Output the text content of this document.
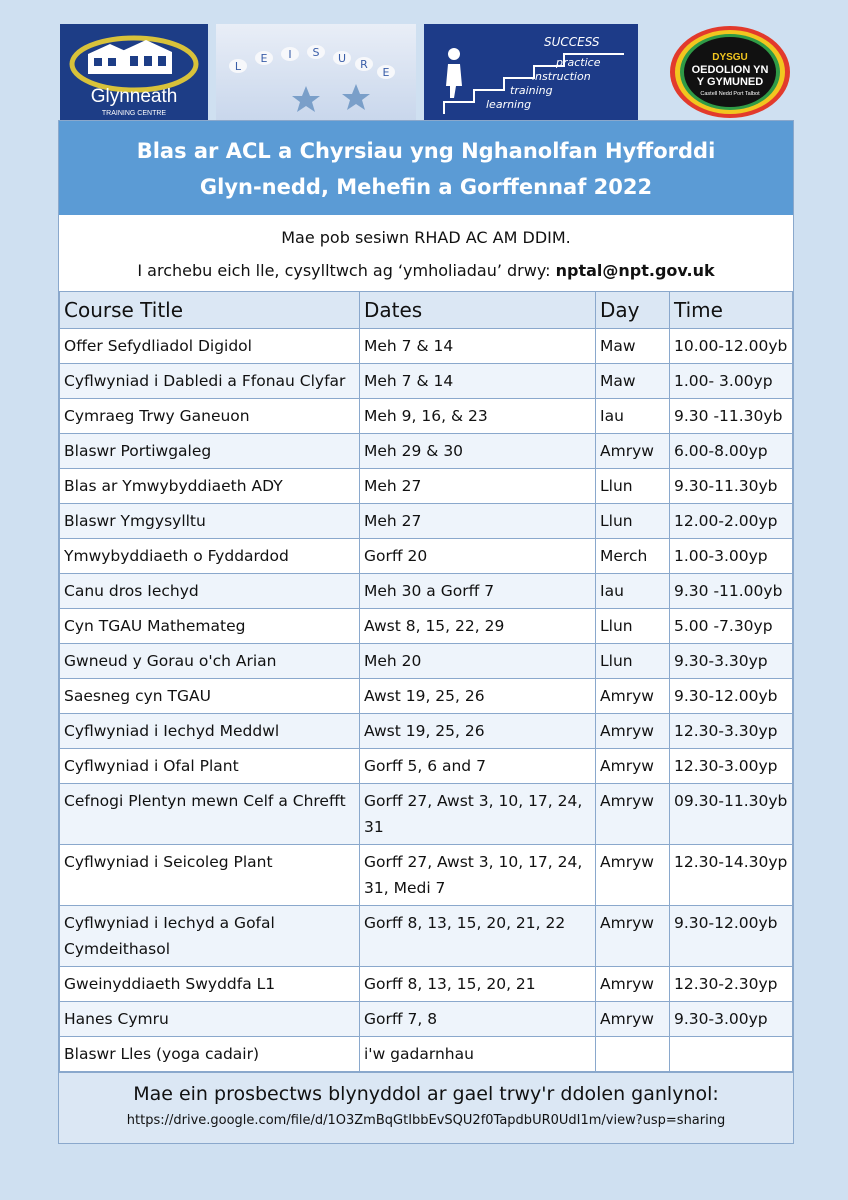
Glynneath
TRAINING CENTRE
L
E I S U R
E
SUCCESS
practice
instruction
training
learning
DYSGU
OEDOLION YN
Y GYMUNED
Castell Nedd Port Talbot
Blas ar ACL a Chyrsiau yng Nghanolfan Hyfforddi
Glyn-nedd, Mehefin a Gorffennaf 2022
Mae pob sesiwn RHAD AC AM DDIM.
I archebu eich lle, cysylltwch ag ‘ymholiadau’ drwy: nptal@npt.gov.uk
Course Title	Dates	Day	Time
Offer Sefydliadol Digidol	Meh 7 & 14	Maw	10.00-12.00yb
Cyflwyniad i Dabledi a Ffonau Clyfar	Meh 7 & 14	Maw	1.00- 3.00yp
Cymraeg Trwy Ganeuon	Meh 9, 16, & 23	Iau	9.30 -11.30yb
Blaswr Portiwgaleg	Meh 29 & 30	Amryw	6.00-8.00yp
Blas ar Ymwybyddiaeth ADY	Meh 27	Llun	9.30-11.30yb
Blaswr Ymgysylltu	Meh 27	Llun	12.00-2.00yp
Ymwybyddiaeth o Fyddardod	Gorff 20	Merch	1.00-3.00yp
Canu dros Iechyd	Meh 30 a Gorff 7	Iau	9.30 -11.00yb
Cyn TGAU Mathemateg	Awst 8, 15, 22, 29	Llun	5.00 -7.30yp
Gwneud y Gorau o'ch Arian	Meh 20	Llun	9.30-3.30yp
Saesneg cyn TGAU	Awst 19, 25, 26	Amryw	9.30-12.00yb
Cyflwyniad i Iechyd Meddwl	Awst 19, 25, 26	Amryw	12.30-3.30yp
Cyflwyniad i Ofal Plant	Gorff 5, 6 and 7	Amryw	12.30-3.00yp
Cefnogi Plentyn mewn Celf a Chrefft	Gorff 27, Awst 3, 10, 17, 24, 31	Amryw	09.30-11.30yb
Cyflwyniad i Seicoleg Plant	Gorff 27, Awst 3, 10, 17, 24, 31, Medi 7	Amryw	12.30-14.30yp
Cyflwyniad i Iechyd a Gofal Cymdeithasol	Gorff 8, 13, 15, 20, 21, 22	Amryw	9.30-12.00yb
Gweinyddiaeth Swyddfa L1	Gorff 8, 13, 15, 20, 21	Amryw	12.30-2.30yp
Hanes Cymru	Gorff 7, 8	Amryw	9.30-3.00yp
Blaswr Lles (yoga cadair)	i'w gadarnhau		
Mae ein prosbectws blynyddol ar gael trwy'r ddolen ganlynol:
https://drive.google.com/file/d/1O3ZmBqGtIbbEvSQU2f0TapdbUR0UdI1m/view?usp=sharing
